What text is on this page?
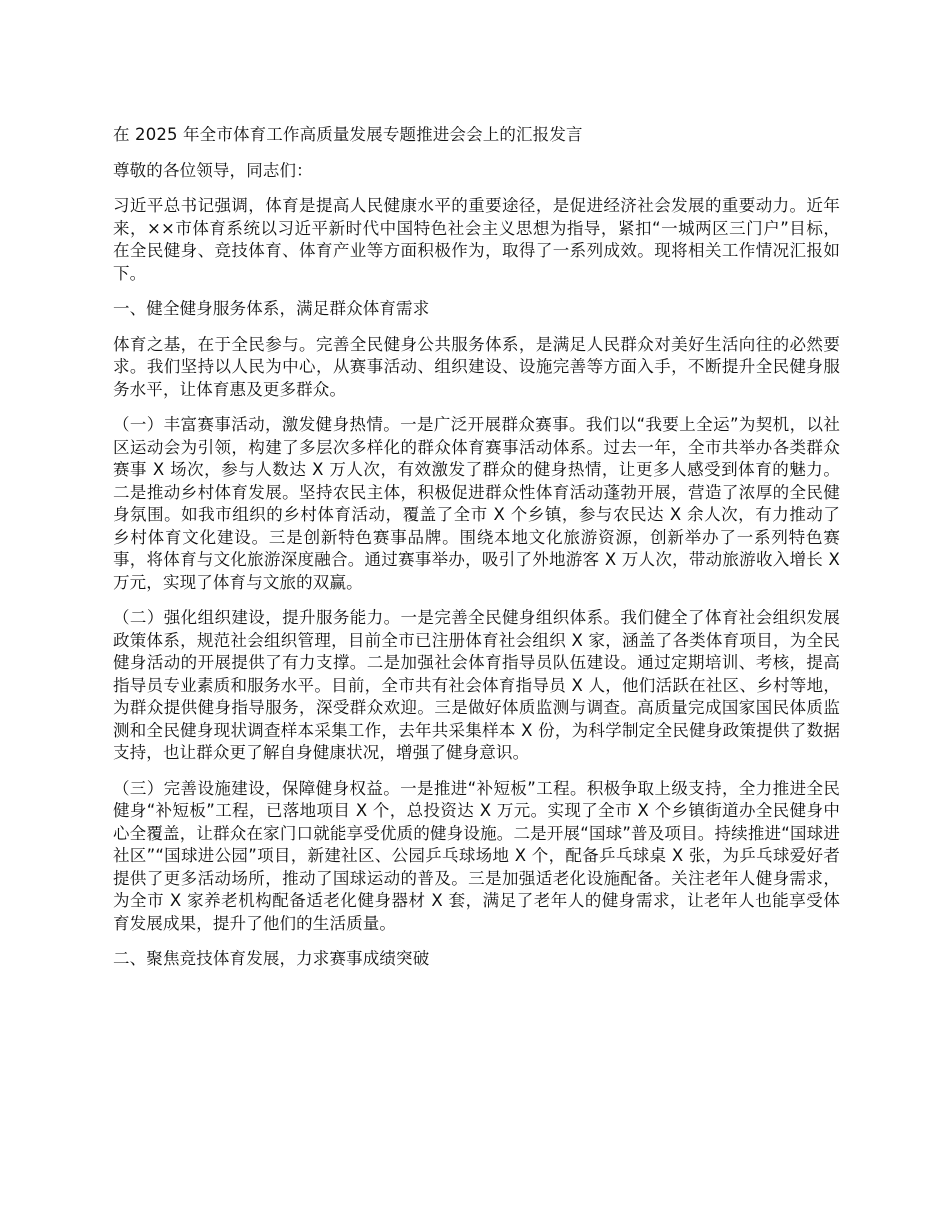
在 2025 年全市体育工作高质量发展专题推进会会上的汇报发言

尊敬的各位领导，同志们：

习近平总书记强调，体育是提高人民健康水平的重要途径，是促进经济社会发展的重要动力。近年来，××市体育系统以习近平新时代中国特色社会主义思想为指导，紧扣“一城两区三门户”目标，在全民健身、竞技体育、体育产业等方面积极作为，取得了一系列成效。现将相关工作情况汇报如下。

一、健全健身服务体系，满足群众体育需求

体育之基，在于全民参与。完善全民健身公共服务体系，是满足人民群众对美好生活向往的必然要求。我们坚持以人民为中心，从赛事活动、组织建设、设施完善等方面入手，不断提升全民健身服务水平，让体育惠及更多群众。

（一）丰富赛事活动，激发健身热情。一是广泛开展群众赛事。我们以“我要上全运”为契机，以社区运动会为引领，构建了多层次多样化的群众体育赛事活动体系。过去一年，全市共举办各类群众赛事 X 场次，参与人数达 X 万人次，有效激发了群众的健身热情，让更多人感受到体育的魅力。二是推动乡村体育发展。坚持农民主体，积极促进群众性体育活动蓬勃开展，营造了浓厚的全民健身氛围。如我市组织的乡村体育活动，覆盖了全市 X 个乡镇，参与农民达 X 余人次，有力推动了乡村体育文化建设。三是创新特色赛事品牌。围绕本地文化旅游资源，创新举办了一系列特色赛事，将体育与文化旅游深度融合。通过赛事举办，吸引了外地游客 X 万人次，带动旅游收入增长 X 万元，实现了体育与文旅的双赢。

（二）强化组织建设，提升服务能力。一是完善全民健身组织体系。我们健全了体育社会组织发展政策体系，规范社会组织管理，目前全市已注册体育社会组织 X 家，涵盖了各类体育项目，为全民健身活动的开展提供了有力支撑。二是加强社会体育指导员队伍建设。通过定期培训、考核，提高指导员专业素质和服务水平。目前，全市共有社会体育指导员 X 人，他们活跃在社区、乡村等地，为群众提供健身指导服务，深受群众欢迎。三是做好体质监测与调查。高质量完成国家国民体质监测和全民健身现状调查样本采集工作，去年共采集样本 X 份，为科学制定全民健身政策提供了数据支持，也让群众更了解自身健康状况，增强了健身意识。

（三）完善设施建设，保障健身权益。一是推进“补短板”工程。积极争取上级支持，全力推进全民健身“补短板”工程，已落地项目 X 个，总投资达 X 万元。实现了全市 X 个乡镇街道办全民健身中心全覆盖，让群众在家门口就能享受优质的健身设施。二是开展“国球”普及项目。持续推进“国球进社区”“国球进公园”项目，新建社区、公园乒乓球场地 X 个，配备乒乓球桌 X 张，为乒乓球爱好者提供了更多活动场所，推动了国球运动的普及。三是加强适老化设施配备。关注老年人健身需求，为全市 X 家养老机构配备适老化健身器材 X 套，满足了老年人的健身需求，让老年人也能享受体育发展成果，提升了他们的生活质量。

二、聚焦竞技体育发展，力求赛事成绩突破
